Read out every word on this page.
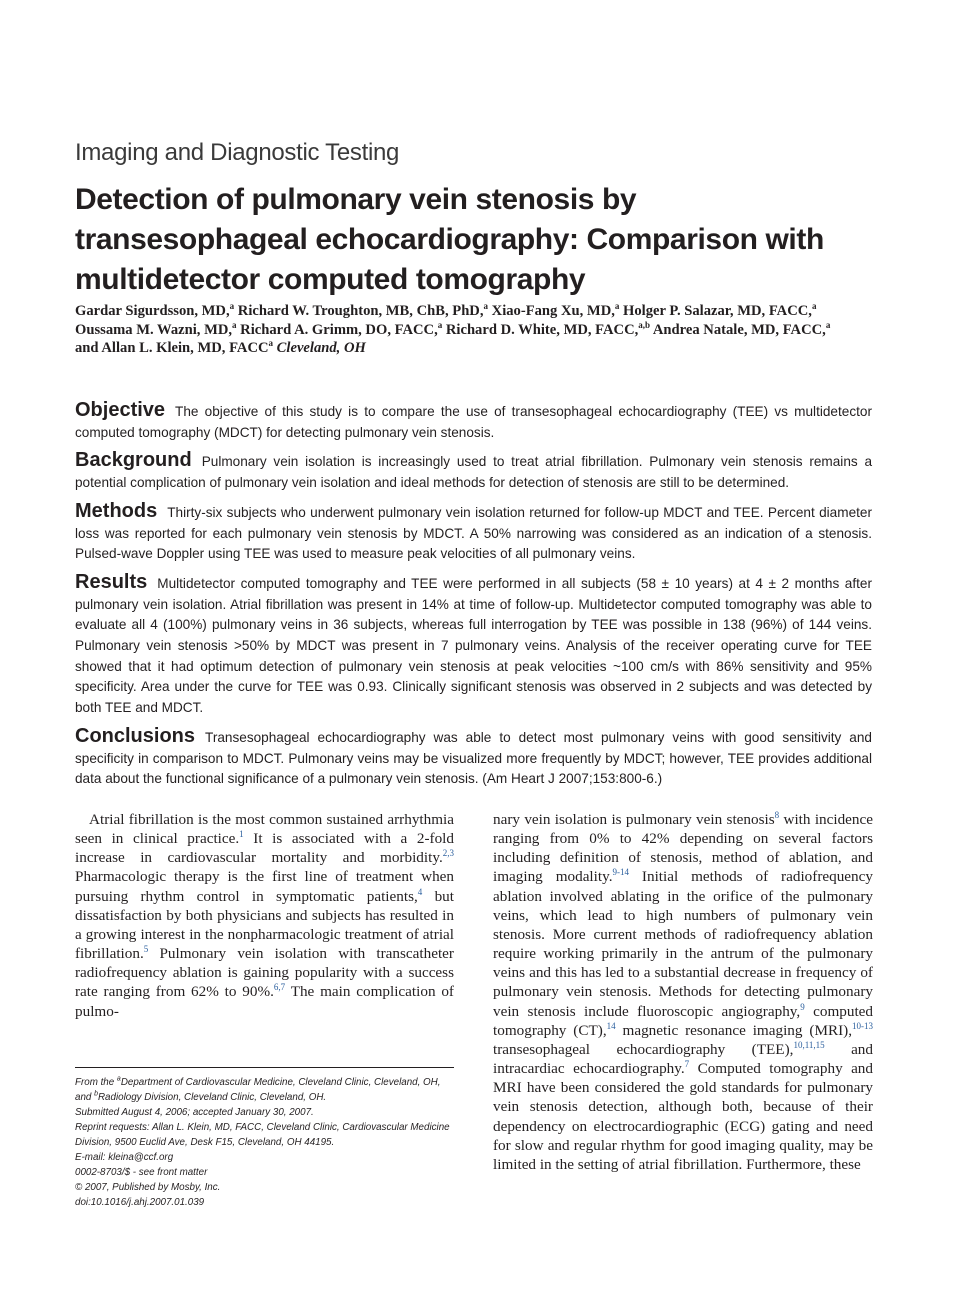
Imaging and Diagnostic Testing
Detection of pulmonary vein stenosis by transesophageal echocardiography: Comparison with multidetector computed tomography
Gardar Sigurdsson, MD,$^a$ Richard W. Troughton, MB, ChB, PhD,$^a$ Xiao-Fang Xu, MD,$^a$ Holger P. Salazar, MD, FACC,$^a$
Oussama M. Wazni, MD,$^a$ Richard A. Grimm, DO, FACC,$^a$ Richard D. White, MD, FACC,$^{a,b}$ Andrea Natale, MD, FACC,$^a$
and Allan L. Klein, MD, FACC$^a$ Cleveland, OH

Objective The objective of this study is to compare the use of transesophageal echocardiography (TEE) vs multidetector computed tomography (MDCT) for detecting pulmonary vein stenosis.

Background Pulmonary vein isolation is increasingly used to treat atrial fibrillation. Pulmonary vein stenosis remains a potential complication of pulmonary vein isolation and ideal methods for detection of stenosis are still to be determined.

Methods Thirty-six subjects who underwent pulmonary vein isolation returned for follow-up MDCT and TEE. Percent diameter loss was reported for each pulmonary vein stenosis by MDCT. A 50% narrowing was considered as an indication of a stenosis. Pulsed-wave Doppler using TEE was used to measure peak velocities of all pulmonary veins.

Results Multidetector computed tomography and TEE were performed in all subjects (58 ± 10 years) at 4 ± 2 months after pulmonary vein isolation. Atrial fibrillation was present in 14% at time of follow-up. Multidetector computed tomography was able to evaluate all 4 (100%) pulmonary veins in 36 subjects, whereas full interrogation by TEE was possible in 138 (96%) of 144 veins. Pulmonary vein stenosis >50% by MDCT was present in 7 pulmonary veins. Analysis of the receiver operating curve for TEE showed that it had optimum detection of pulmonary vein stenosis at peak velocities ~100 cm/s with 86% sensitivity and 95% specificity. Area under the curve for TEE was 0.93. Clinically significant stenosis was observed in 2 subjects and was detected by both TEE and MDCT.

Conclusions Transesophageal echocardiography was able to detect most pulmonary veins with good sensitivity and specificity in comparison to MDCT. Pulmonary veins may be visualized more frequently by MDCT; however, TEE provides additional data about the functional significance of a pulmonary vein stenosis. (Am Heart J 2007;153:800-6.)

Atrial fibrillation is the most common sustained arrhythmia seen in clinical practice.$^1$ It is associated with a 2-fold increase in cardiovascular mortality and morbidity.$^{2,3}$ Pharmacologic therapy is the first line of treatment when pursuing rhythm control in symptomatic patients,$^4$ but dissatisfaction by both physicians and subjects has resulted in a growing interest in the nonpharmacologic treatment of atrial fibrillation.$^5$ Pulmonary vein isolation with transcatheter radiofrequency ablation is gaining popularity with a success rate ranging from 62% to 90%.$^{6,7}$ The main complication of pulmo-

nary vein isolation is pulmonary vein stenosis$^8$ with incidence ranging from 0% to 42% depending on several factors including definition of stenosis, method of ablation, and imaging modality.$^{9-14}$ Initial methods of radiofrequency ablation involved ablating in the orifice of the pulmonary veins, which lead to high numbers of pulmonary vein stenosis. More current methods of radiofrequency ablation require working primarily in the antrum of the pulmonary veins and this has led to a substantial decrease in frequency of pulmonary vein stenosis. Methods for detecting pulmonary vein stenosis include fluoroscopic angiography,$^9$ computed tomography (CT),$^{14}$ magnetic resonance imaging (MRI),$^{10-13}$ transesophageal echocardiography (TEE),$^{10,11,15}$ and intracardiac echocardiography.$^7$ Computed tomography and MRI have been considered the gold standards for pulmonary vein stenosis detection, although both, because of their dependency on electrocardiographic (ECG) gating and need for slow and regular rhythm for good imaging quality, may be limited in the setting of atrial fibrillation. Furthermore, these

From the $^a$Department of Cardiovascular Medicine, Cleveland Clinic, Cleveland, OH, and $^b$Radiology Division, Cleveland Clinic, Cleveland, OH.
Submitted August 4, 2006; accepted January 30, 2007.
Reprint requests: Allan L. Klein, MD, FACC, Cleveland Clinic, Cardiovascular Medicine Division, 9500 Euclid Ave, Desk F15, Cleveland, OH 44195.
E-mail: kleina@ccf.org
0002-8703/$ - see front matter
© 2007, Published by Mosby, Inc.
doi:10.1016/j.ahj.2007.01.039
